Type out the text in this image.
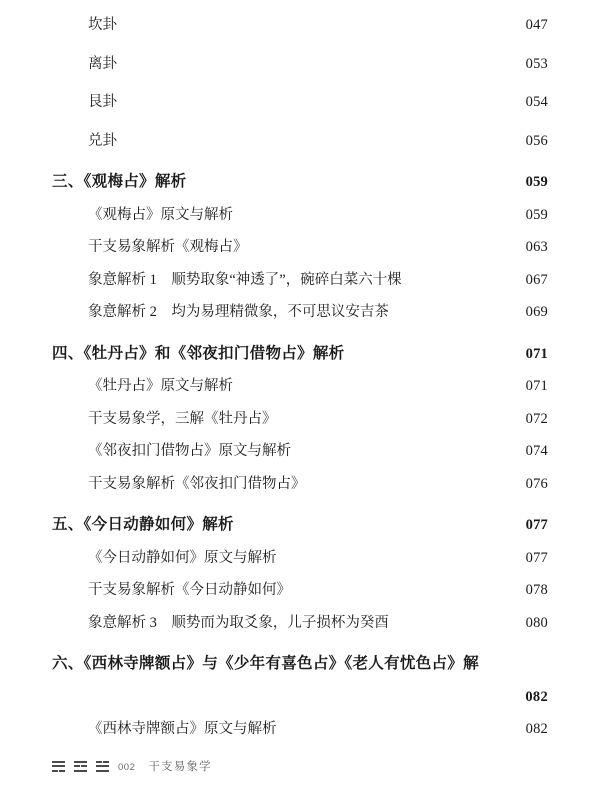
坎卦	047
离卦	053
艮卦	054
兑卦	056
三、《观梅占》解析	059
《观梅占》原文与解析	059
干支易象解析《观梅占》	063
象意解析 1　顺势取象“神透了”，碗碎白菜六十棵	067
象意解析 2　均为易理精微象，不可思议安吉茶	069
四、《牡丹占》和《邻夜扣门借物占》解析	071
《牡丹占》原文与解析	071
干支易象学，三解《牡丹占》	072
《邻夜扣门借物占》原文与解析	074
干支易象解析《邻夜扣门借物占》	076
五、《今日动静如何》解析	077
《今日动静如何》原文与解析	077
干支易象解析《今日动静如何》	078
象意解析 3　顺势而为取爻象，儿子损杯为癸酉	080
六、《西林寺牌额占》与《少年有喜色占》《老人有忧色占》解
082
《西林寺牌额占》原文与解析	082
002 干支易象学
